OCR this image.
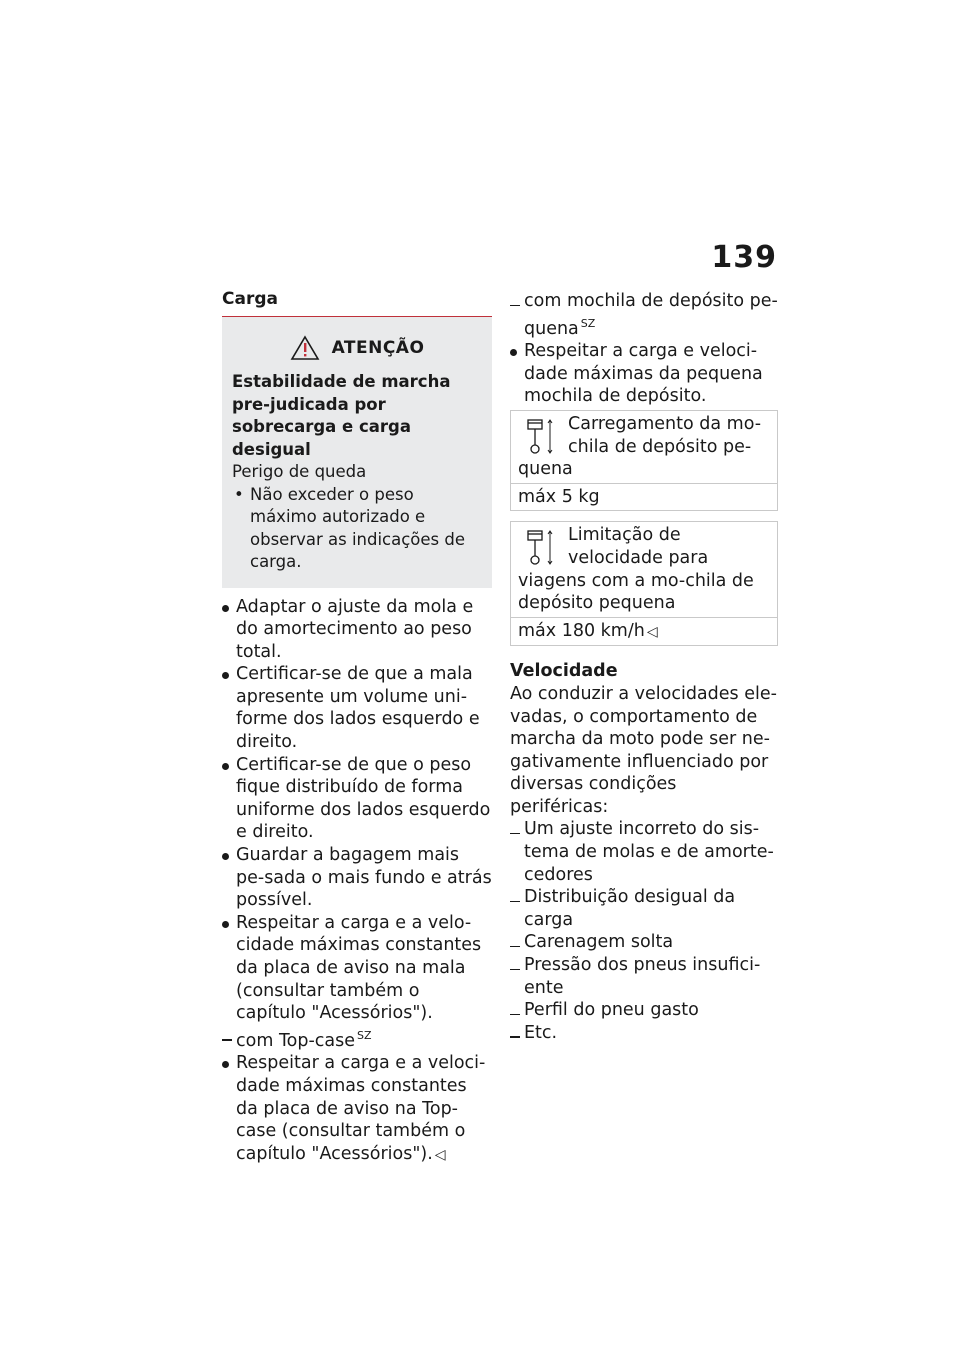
139
Carga
ATENÇÃO
Estabilidade de marcha pre-judicada por sobrecarga e carga desigual
Perigo de queda
• Não exceder o peso máximo autorizado e observar as indicações de carga.
Adaptar o ajuste da mola e do amortecimento ao peso total.
Certificar-se de que a mala apresente um volume uni-forme dos lados esquerdo e direito.
Certificar-se de que o peso fique distribuído de forma uniforme dos lados esquerdo e direito.
Guardar a bagagem mais pe-sada o mais fundo e atrás possível.
Respeitar a carga e a velo-cidade máximas constantes da placa de aviso na mala (consultar também o capítulo "Acessórios").
com Top-case $^{SZ}$
Respeitar a carga e a veloci-dade máximas constantes da placa de aviso na Top-case (consultar também o capítulo "Acessórios"). ◁
com mochila de depósito pe-quena $^{SZ}$
Respeitar a carga e veloci-dade máximas da pequena mochila de depósito.
Carregamento da mo-chila de depósito pe-quena
máx 5 kg
Limitação de velocidade para viagens com a mo-chila de depósito pequena
máx 180 km/h ◁
Velocidade
Ao conduzir a velocidades ele-vadas, o comportamento de marcha da moto pode ser ne-gativamente influenciado por diversas condições periféricas:
Um ajuste incorreto do sis-tema de molas e de amorte-cedores
Distribuição desigual da carga
Carenagem solta
Pressão dos pneus insufici-ente
Perfil do pneu gasto
Etc.
